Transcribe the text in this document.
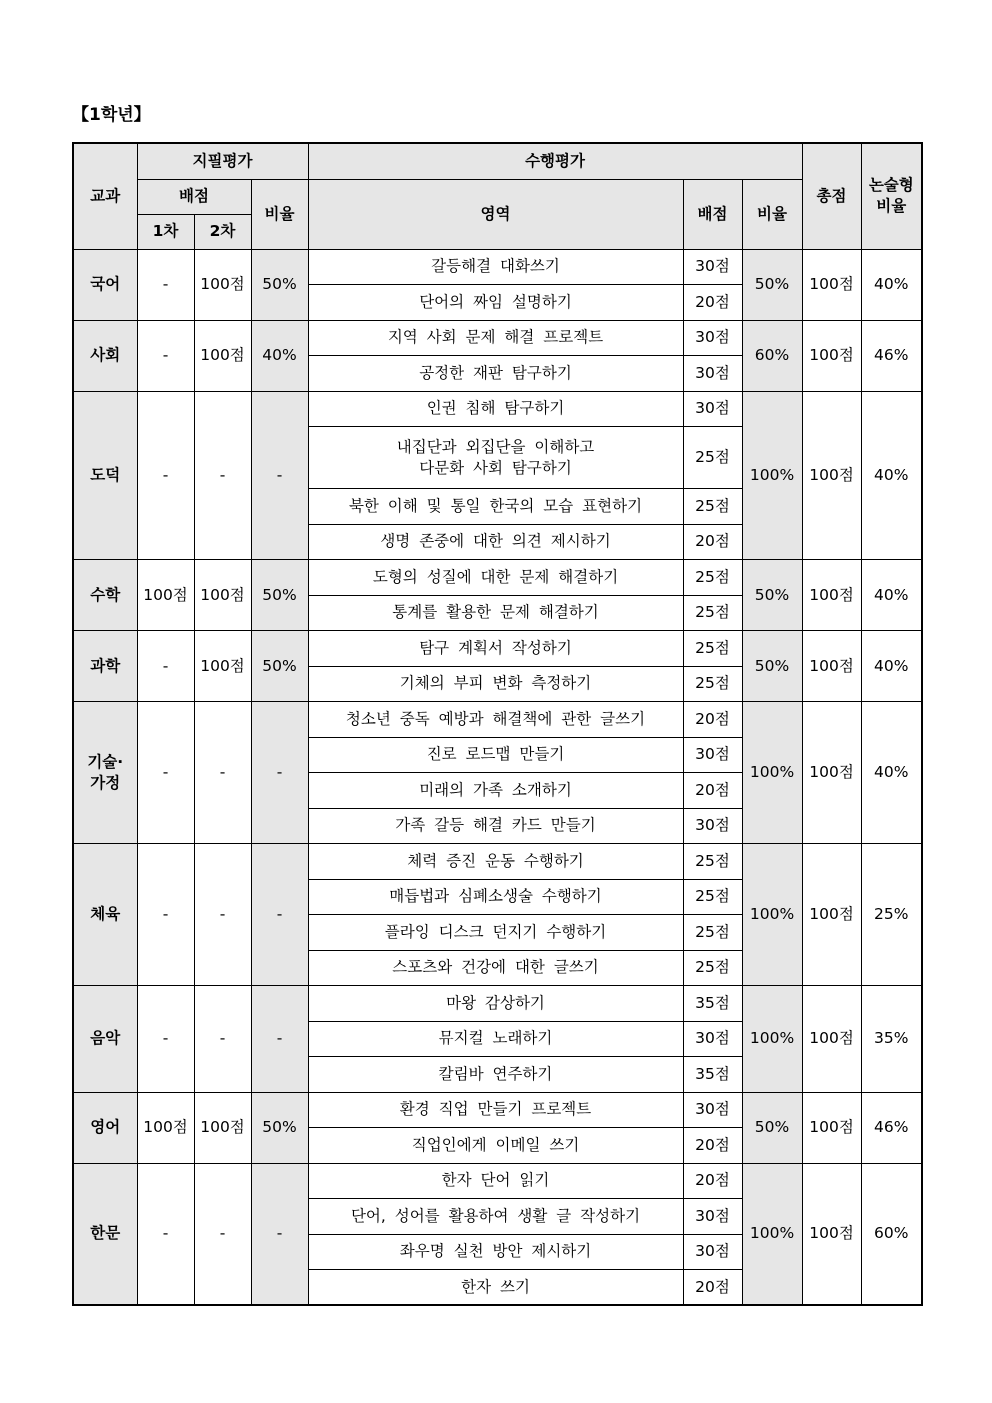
【1학년】
교과	지필평가			수행평가			총점	논술형
비율
	배점		비율	영역	배점	비율		
	1차	2차						
국어	-	100점	50%	갈등해결 대화쓰기	30점	50%	100점	40%
				단어의 짜임 설명하기	20점			
사회	-	100점	40%	지역 사회 문제 해결 프로젝트	30점	60%	100점	46%
				공정한 재판 탐구하기	30점			
도덕	-	-	-	인권 침해 탐구하기	30점	100%	100점	40%
				내집단과 외집단을 이해하고
다문화 사회 탐구하기	25점			
				북한 이해 및 통일 한국의 모습 표현하기	25점			
				생명 존중에 대한 의견 제시하기	20점			
수학	100점	100점	50%	도형의 성질에 대한 문제 해결하기	25점	50%	100점	40%
				통계를 활용한 문제 해결하기	25점			
과학	-	100점	50%	탐구 계획서 작성하기	25점	50%	100점	40%
				기체의 부피 변화 측정하기	25점			
기술·
가정	-	-	-	청소년 중독 예방과 해결책에 관한 글쓰기	20점	100%	100점	40%
				진로 로드맵 만들기	30점			
				미래의 가족 소개하기	20점			
				가족 갈등 해결 카드 만들기	30점			
체육	-	-	-	체력 증진 운동 수행하기	25점	100%	100점	25%
				매듭법과 심폐소생술 수행하기	25점			
				플라잉 디스크 던지기 수행하기	25점			
				스포츠와 건강에 대한 글쓰기	25점			
음악	-	-	-	마왕 감상하기	35점	100%	100점	35%
				뮤지컬 노래하기	30점			
				칼림바 연주하기	35점			
영어	100점	100점	50%	환경 직업 만들기 프로젝트	30점	50%	100점	46%
				직업인에게 이메일 쓰기	20점			
한문	-	-	-	한자 단어 읽기	20점	100%	100점	60%
				단어, 성어를 활용하여 생활 글 작성하기	30점			
				좌우명 실천 방안 제시하기	30점			
				한자 쓰기	20점			
